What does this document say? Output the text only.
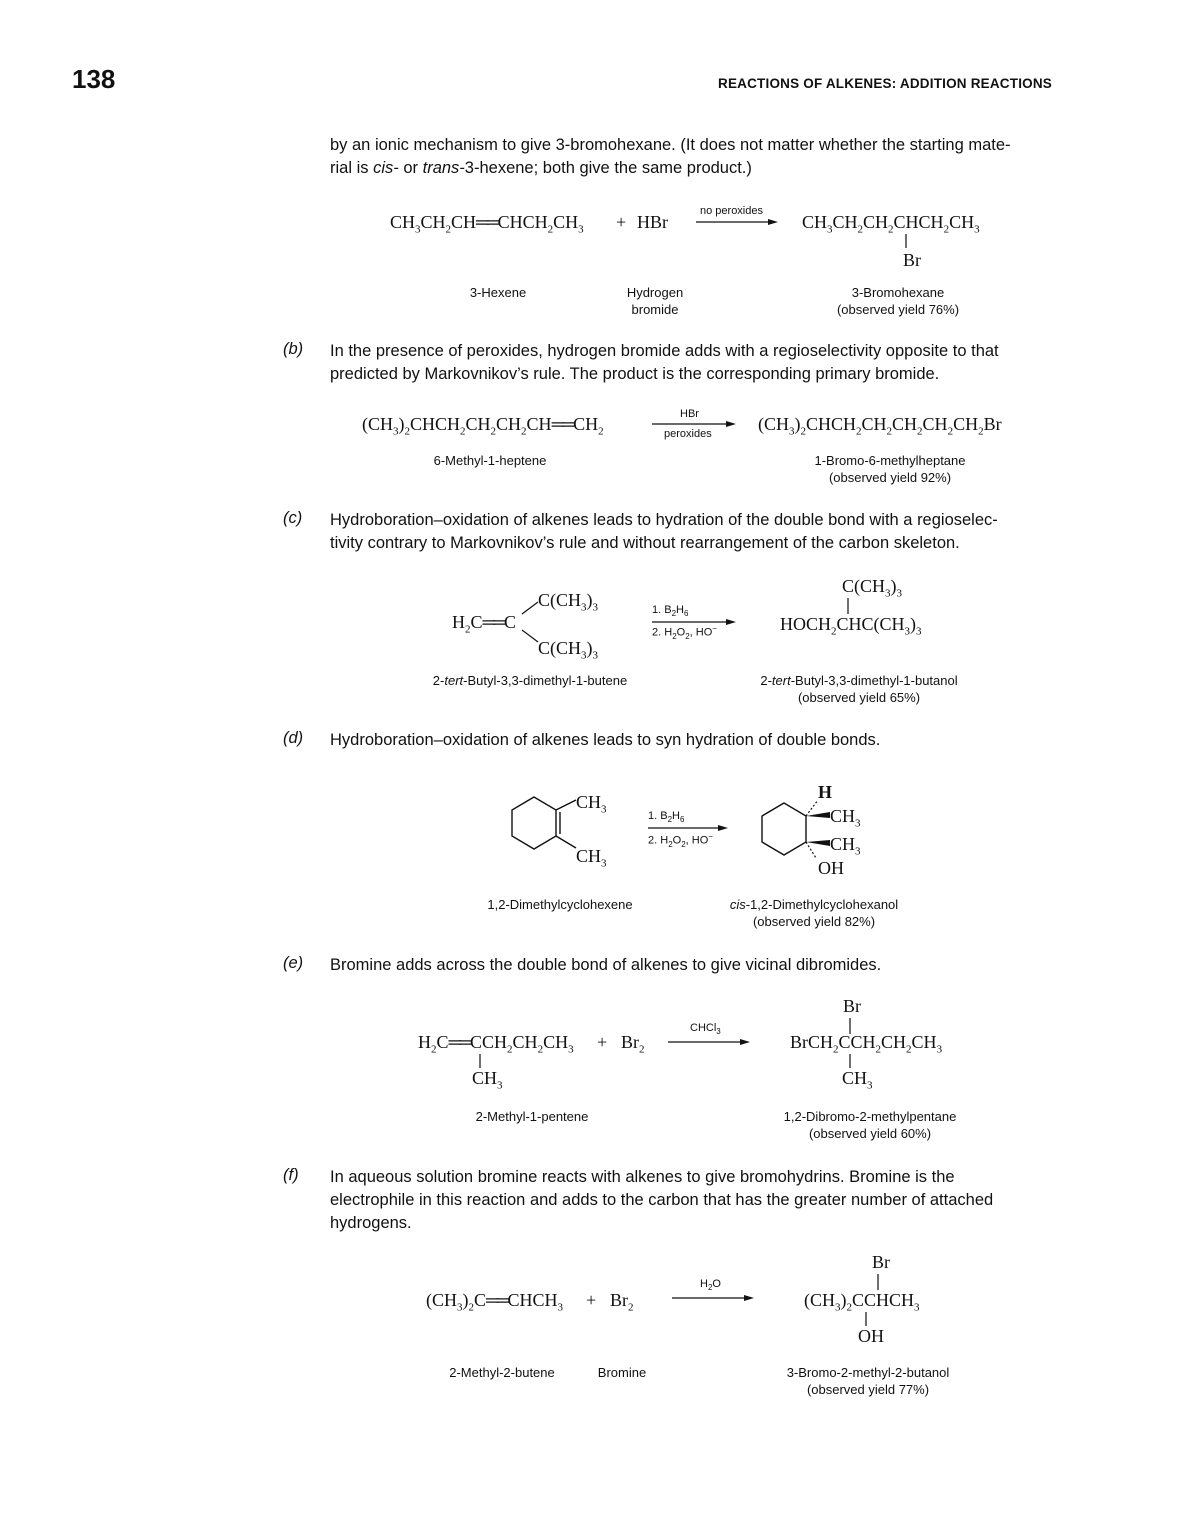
138	REACTIONS OF ALKENES: ADDITION REACTIONS
by an ionic mechanism to give 3-bromohexane. (It does not matter whether the starting mate-
rial is cis- or trans-3-hexene; both give the same product.)
$CH_3CH_2CH══CHCH_2CH_3$ + HBr
no peroxides
$CH_3CH_2CH_2CHCH_2CH_3$
Br
3-Hexene	Hydrogen
bromide
3-Bromohexane
(observed yield 76%)
(b) In the presence of peroxides, hydrogen bromide adds with a regioselectivity opposite to that
predicted by Markovnikov’s rule. The product is the corresponding primary bromide.
$(CH_3)_2CHCH_2CH_2CH_2CH══CH_2$
HBr
peroxides	$(CH_3)_2CHCH_2CH_2CH_2CH_2CH_2Br$
6-Methyl-1-heptene	1-Bromo-6-methylheptane
(observed yield 92%)
(c) Hydroboration–oxidation of alkenes leads to hydration of the double bond with a regioselec-
tivity contrary to Markovnikov’s rule and without rearrangement of the carbon skeleton.
$H_2C══C$
$C(CH_3)_3$
$C(CH_3)_3$
1. $B_2H_6$
2. $H_2O_2$, HO−
$C(CH_3)_3$
$HOCH_2CHC(CH_3)_3$
2-tert-Butyl-3,3-dimethyl-1-butene	2-tert-Butyl-3,3-dimethyl-1-butanol
(observed yield 65%)
(d) Hydroboration–oxidation of alkenes leads to syn hydration of double bonds.
$CH_3$
$CH_3$
1. $B_2H_6$
2. $H_2O_2$, HO−
H
$CH_3$
$CH_3$
OH
1,2-Dimethylcyclohexene	cis-1,2-Dimethylcyclohexanol
(observed yield 82%)
(e) Bromine adds across the double bond of alkenes to give vicinal dibromides.
$H_2C══CCH_2CH_2CH_3$
$CH_3$
+ $Br_2$
CHCl$_3$
Br
$BrCH_2CCH_2CH_2CH_3$
$CH_3$
2-Methyl-1-pentene	1,2-Dibromo-2-methylpentane
(observed yield 60%)
(f) In aqueous solution bromine reacts with alkenes to give bromohydrins. Bromine is the
electrophile in this reaction and adds to the carbon that has the greater number of attached
hydrogens.
$(CH_3)_2C══CHCH_3 + Br_2$
$H_2O$
Br
$(CH_3)_2CCHCH_3$
OH
2-Methyl-2-butene	Bromine	3-Bromo-2-methyl-2-butanol
(observed yield 77%)
